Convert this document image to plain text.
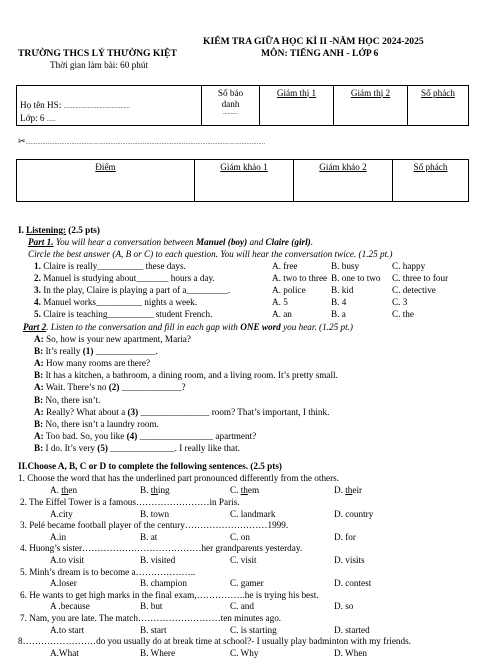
KIỂM TRA GIỮA HỌC KÌ II -NĂM HỌC 2024-2025
TRƯỜNG THCS LÝ THƯỜNG KIỆT	MÔN: TIẾNG ANH - LỚP 6
Thời gian làm bài: 60 phút
Họ tên HS: ............................................
Lớp: 6 ......

Số báo
danh
..........
	Giám thị 1	Giám thị 2	Số phách
✂.............................................................................................................................................
Điểm	Giám khảo 1	Giám khảo 2	Số phách
I. Listening: (2.5 pts)
Part 1. You will hear a conversation between Manuel (boy) and Claire (girl).
Circle the best answer (A, B or C) to each question. You will hear the conversation twice. (1.25 pt.)
1. Claire is really__________ these days.	A. free	B. busy	C. happy
2. Manuel is studying about_______ hours a day.	A. two to three B. one to two C. three to four
3. In the play, Claire is playing a part of a_________.	A. police	B. kid	C. detective
4. Manuel works__________ nights a week.	A. 5	B. 4	C. 3
5. Claire is teaching__________ student French.	A. an	B. a	C. the
Part 2. Listen to the conversation and fill in each gap with ONE word you hear. (1.25 pt.)
A: So, how is your new apartment, Maria?
B: It’s really (1) _____________.
A: How many rooms are there?
B: It has a kitchen, a bathroom, a dining room, and a living room. It’s pretty small.
A: Wait. There’s no (2) _____________?
B: No, there isn’t.
A: Really? What about a (3) _______________ room? That’s important, I think.
B: No, there isn’t a laundry room.
A: Too bad. So, you like (4) ________________ apartment?
B: I do. It’s very (5) ______________. I really like that.
II.Choose A, B, C or D to complete the following sentences. (2.5 pts)
1. Choose the word that has the underlined part pronounced differently from the others.
A. then	B. thing	C. them	D. their
2. The Eiffel Tower is a famous……………………in Paris.
A.city	B. town	C. landmark	D. country
3. Pelé became football player of the century………………………1999.
A.in	B. at	C. on	D. for
4. Huong’s sister…………………………………her grandparents yesterday.
A.to visit	B. visited	C. visit	D. visits
5. Minh’s dream is to become a………………..
A.loser	B. champion	C. gamer	D. contest
6. He wants to get high marks in the final exam,…………….he is trying his best.
A .because	B. but	C. and	D. so
7. Nam, you are late. The match………………………ten minutes ago.
A.to start	B. start	C. is starting	D. started
8……………………do you usually do at break time at school?- I usually play badminton with my friends.
A.What	B. Where	C. Why	D. When
